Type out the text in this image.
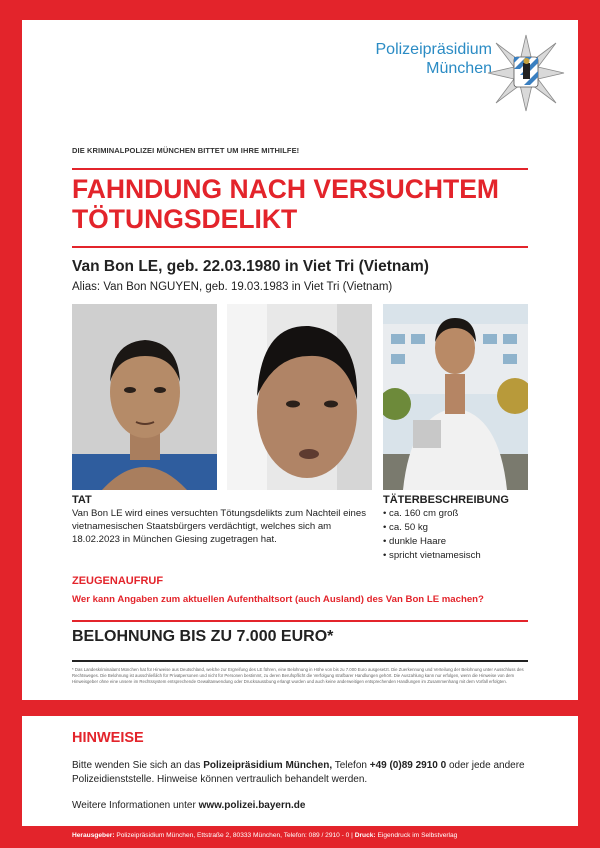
Polizeipräsidium
München
DIE KRIMINALPOLIZEI MÜNCHEN BITTET UM IHRE MITHILFE!
FAHNDUNG NACH VERSUCHTEM
TÖTUNGSDELIKT
Van Bon LE, geb. 22.03.1980 in Viet Tri (Vietnam)
Alias: Van Bon NGUYEN, geb. 19.03.1983 in Viet Tri (Vietnam)
TAT
Van Bon LE wird eines versuchten Tötungsdelikts zum Nachteil eines vietnamesischen Staatsbürgers verdächtigt, welches sich am 18.02.2023 in München Giesing zugetragen hat.
TÄTERBESCHREIBUNG
• ca. 160 cm groß
• ca. 50 kg
• dunkle Haare
• spricht vietnamesisch
ZEUGENAUFRUF
Wer kann Angaben zum aktuellen Aufenthaltsort (auch Ausland) des Van Bon LE machen?
BELOHNUNG BIS ZU 7.000 EURO*
* Das Landeskriminalamt München hat für Hinweise aus Deutschland, welche zur Ergreifung des LE führen, eine Belohnung in Höhe von bis zu 7.000 Euro ausgesetzt. Die Zuerkennung und Verteilung der Belohnung unter Ausschluss des Rechtsweges. Die Belohnung ist ausschließlich für Privatpersonen und nicht für Personen bestimmt, zu deren Berufspflicht die Verfolgung strafbarer Handlungen gehört. Die Auszahlung kann nur erfolgen, wenn die Hinweise von dem Hinweisgeber ohne eine unsere im Rechtssystem entsprechende Gewaltanwendung oder Drucksausübung erlangt wurden und auch keine anderweitigen entsprechenden Handlungen im Zusammenhang mit dem Vorfall erfolgten.
HINWEISE
Bitte wenden Sie sich an das Polizeipräsidium München, Telefon +49 (0)89 2910 0 oder jede andere Polizeidienststelle. Hinweise können vertraulich behandelt werden.
Weitere Informationen unter www.polizei.bayern.de
Herausgeber: Polizeipräsidium München, Ettstraße 2, 80333 München, Telefon: 089 / 2910 - 0 | Druck: Eigendruck im Selbstverlag
